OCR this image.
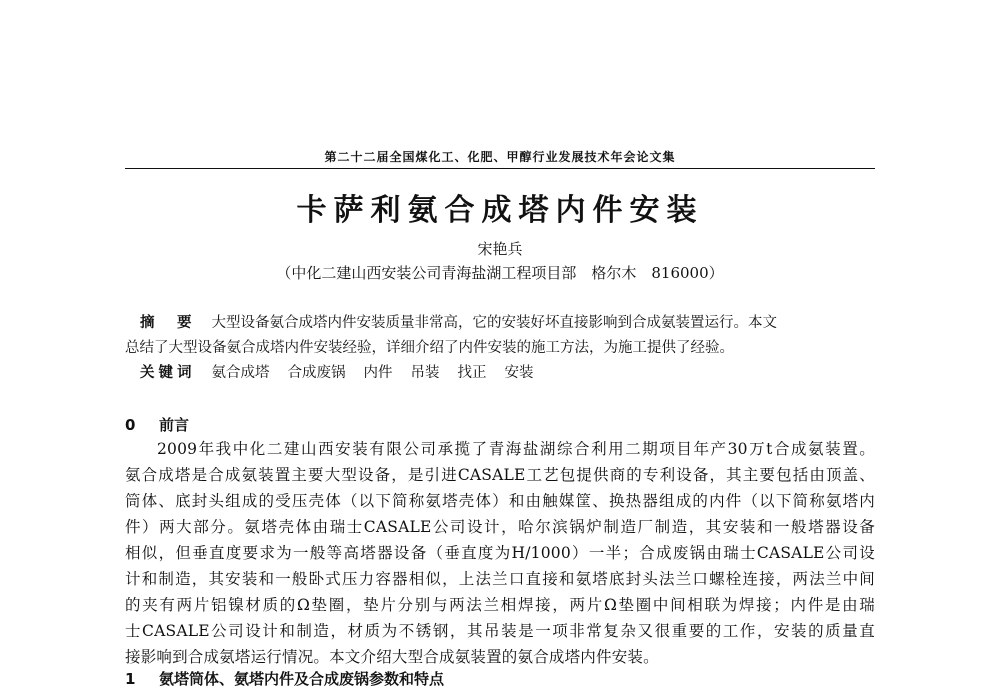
第二十二届全国煤化工、化肥、甲醇行业发展技术年会论文集
卡萨利氨合成塔内件安装
宋艳兵
（中化二建山西安装公司青海盐湖工程项目部　格尔木　816000）
摘　要 大型设备氨合成塔内件安装质量非常高，它的安装好坏直接影响到合成氨装置运行。本文
总结了大型设备氨合成塔内件安装经验，详细介绍了内件安装的施工方法，为施工提供了经验。
关键词 氨合成塔 合成废锅 内件 吊装 找正 安装
0 前言
2009年我中化二建山西安装有限公司承揽了青海盐湖综合利用二期项目年产30万t合成氨装置。
氨合成塔是合成氨装置主要大型设备，是引进CASALE工艺包提供商的专利设备，其主要包括由顶盖、
筒体、底封头组成的受压壳体（以下简称氨塔壳体）和由触媒筐、换热器组成的内件（以下简称氨塔内
件）两大部分。氨塔壳体由瑞士CASALE公司设计，哈尔滨锅炉制造厂制造，其安装和一般塔器设备
相似，但垂直度要求为一般等高塔器设备（垂直度为H/1000）一半；合成废锅由瑞士CASALE公司设
计和制造，其安装和一般卧式压力容器相似，上法兰口直接和氨塔底封头法兰口螺栓连接，两法兰中间
的夹有两片铝镍材质的Ω垫圈，垫片分别与两法兰相焊接，两片Ω垫圈中间相联为焊接；内件是由瑞
士CASALE公司设计和制造，材质为不锈钢，其吊装是一项非常复杂又很重要的工作，安装的质量直
接影响到合成氨塔运行情况。本文介绍大型合成氨装置的氨合成塔内件安装。
1 氨塔筒体、氨塔内件及合成废锅参数和特点
